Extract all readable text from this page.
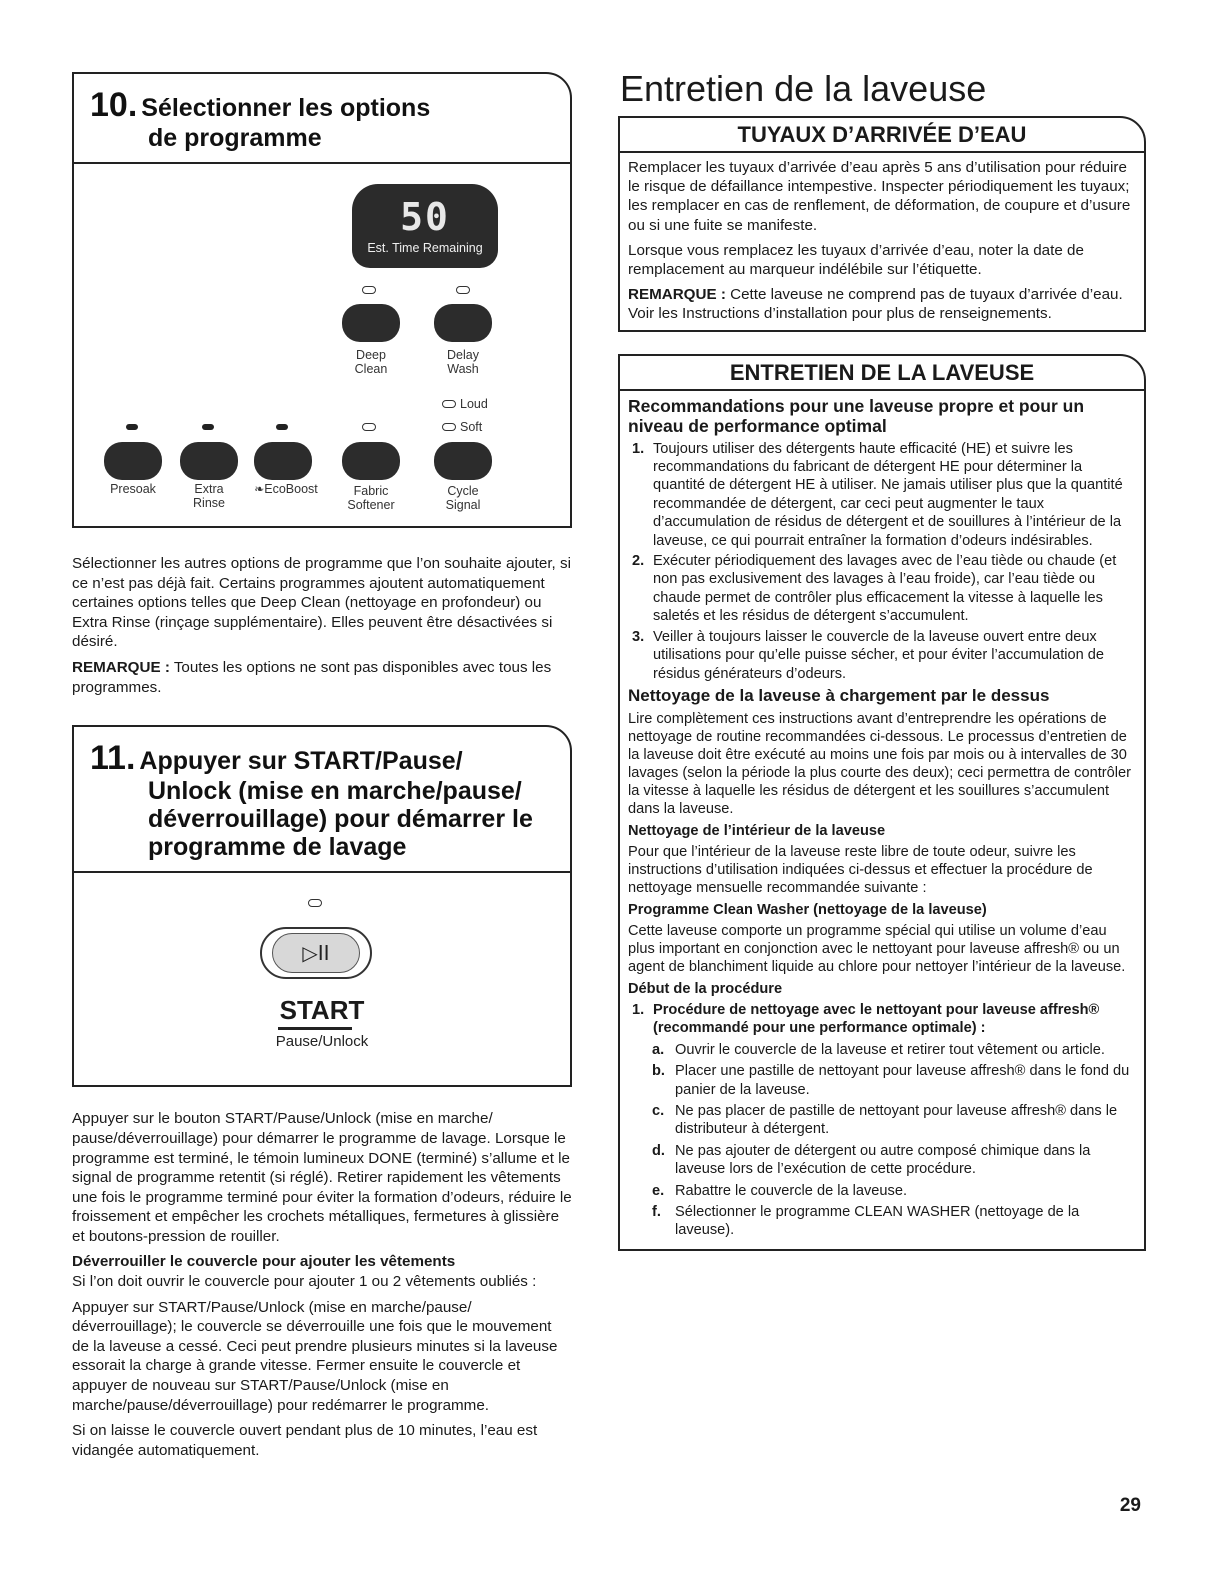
10. Sélectionner les options
de programme
50
Est. Time Remaining
Deep
Clean
Delay
Wash
Loud
Soft
Presoak	Extra
Rinse
❧EcoBoost	Fabric
Softener
Cycle
Signal

Sélectionner les autres options de programme que l’on souhaite ajouter, si ce n’est pas déjà fait. Certains programmes ajoutent automatiquement certaines options telles que Deep Clean (nettoyage en profondeur) ou Extra Rinse (rinçage supplémentaire). Elles peuvent être désactivées si désiré.

REMARQUE : Toutes les options ne sont pas disponibles avec tous les programmes.

11. Appuyer sur START/Pause/
Unlock (mise en marche/pause/
déverrouillage) pour démarrer le
programme de lavage
▷II
START
Pause/Unlock

Appuyer sur le bouton START/Pause/Unlock (mise en marche/ pause/déverrouillage) pour démarrer le programme de lavage. Lorsque le programme est terminé, le témoin lumineux DONE (terminé) s’allume et le signal de programme retentit (si réglé). Retirer rapidement les vêtements une fois le programme terminé pour éviter la formation d’odeurs, réduire le froissement et empêcher les crochets métalliques, fermetures à glissière et boutons-pression de rouiller.

Déverrouiller le couvercle pour ajouter les vêtements

Si l’on doit ouvrir le couvercle pour ajouter 1 ou 2 vêtements oubliés :

Appuyer sur START/Pause/Unlock (mise en marche/pause/ déverrouillage); le couvercle se déverrouille une fois que le mouvement de la laveuse a cessé. Ceci peut prendre plusieurs minutes si la laveuse essorait la charge à grande vitesse. Fermer ensuite le couvercle et appuyer de nouveau sur START/Pause/Unlock (mise en marche/pause/déverrouillage) pour redémarrer le programme.

Si on laisse le couvercle ouvert pendant plus de 10 minutes, l’eau est vidangée automatiquement.

Entretien de la laveuse
TUYAUX D’ARRIVÉE D’EAU

Remplacer les tuyaux d’arrivée d’eau après 5 ans d’utilisation pour réduire le risque de défaillance intempestive. Inspecter périodiquement les tuyaux; les remplacer en cas de renflement, de déformation, de coupure et d’usure ou si une fuite se manifeste.

Lorsque vous remplacez les tuyaux d’arrivée d’eau, noter la date de remplacement au marqueur indélébile sur l’étiquette.

REMARQUE : Cette laveuse ne comprend pas de tuyaux d’arrivée d’eau. Voir les Instructions d’installation pour plus de renseignements.

ENTRETIEN DE LA LAVEUSE

Recommandations pour une laveuse propre et pour un niveau de performance optimal

1. Toujours utiliser des détergents haute efficacité (HE) et suivre les recommandations du fabricant de détergent HE pour déterminer la quantité de détergent HE à utiliser. Ne jamais utiliser plus que la quantité recommandée de détergent, car ceci peut augmenter le taux d’accumulation de résidus de détergent et de souillures à l’intérieur de la laveuse, ce qui pourrait entraîner la formation d’odeurs indésirables.
2. Exécuter périodiquement des lavages avec de l’eau tiède ou chaude (et non pas exclusivement des lavages à l’eau froide), car l’eau tiède ou chaude permet de contrôler plus efficacement la vitesse à laquelle les saletés et les résidus de détergent s’accumulent.
3. Veiller à toujours laisser le couvercle de la laveuse ouvert entre deux utilisations pour qu’elle puisse sécher, et pour éviter l’accumulation de résidus générateurs d’odeurs.

Nettoyage de la laveuse à chargement par le dessus

Lire complètement ces instructions avant d’entreprendre les opérations de nettoyage de routine recommandées ci-dessous. Le processus d’entretien de la laveuse doit être exécuté au moins une fois par mois ou à intervalles de 30 lavages (selon la période la plus courte des deux); ceci permettra de contrôler la vitesse à laquelle les résidus de détergent et les souillures s’accumulent dans la laveuse.

Nettoyage de l’intérieur de la laveuse

Pour que l’intérieur de la laveuse reste libre de toute odeur, suivre les instructions d’utilisation indiquées ci-dessus et effectuer la procédure de nettoyage mensuelle recommandée suivante :

Programme Clean Washer (nettoyage de la laveuse)

Cette laveuse comporte un programme spécial qui utilise un volume d’eau plus important en conjonction avec le nettoyant pour laveuse affresh® ou un agent de blanchiment liquide au chlore pour nettoyer l’intérieur de la laveuse.

Début de la procédure

1. Procédure de nettoyage avec le nettoyant pour laveuse affresh® (recommandé pour une performance optimale) :
a. Ouvrir le couvercle de la laveuse et retirer tout vêtement ou article.
b. Placer une pastille de nettoyant pour laveuse affresh® dans le fond du panier de la laveuse.
c. Ne pas placer de pastille de nettoyant pour laveuse affresh® dans le distributeur à détergent.
d. Ne pas ajouter de détergent ou autre composé chimique dans la laveuse lors de l’exécution de cette procédure.
e. Rabattre le couvercle de la laveuse.
f. Sélectionner le programme CLEAN WASHER (nettoyage de la laveuse).
29
